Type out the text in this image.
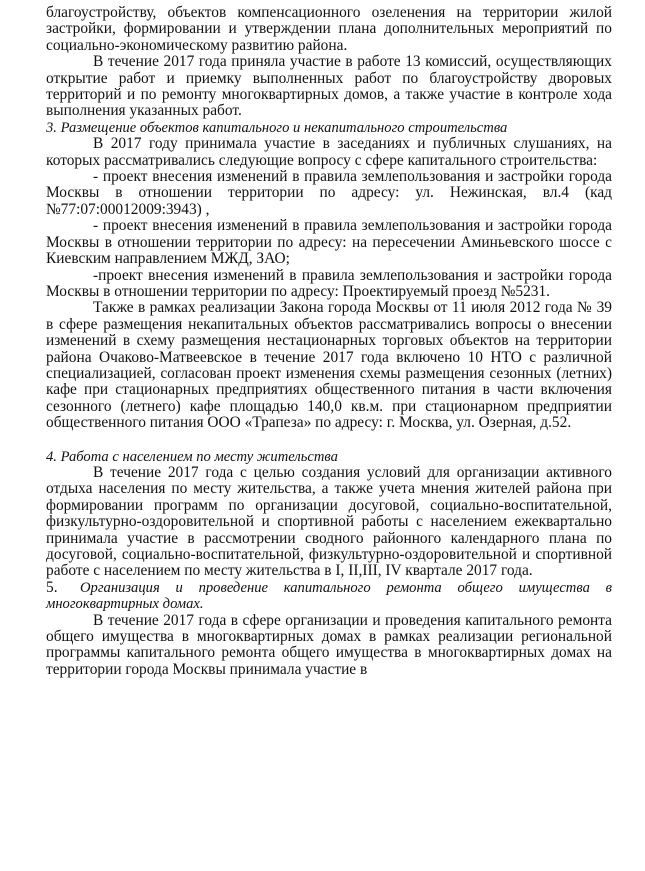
благоустройству, объектов компенсационного озеленения на территории жилой застройки, формировании и утверждении плана дополнительных мероприятий по социально-экономическому развитию района.

В течение 2017 года приняла участие в работе 13 комиссий, осуществляющих открытие работ и приемку выполненных работ по благоустройству дворовых территорий и по ремонту многоквартирных домов, а также участие в контроле хода выполнения указанных работ.

3. Размещение объектов капитального и некапитального строительства

В 2017 году принимала участие в заседаниях и публичных слушаниях, на которых рассматривались следующие вопросу с сфере капитального строительства:

- проект внесения изменений в правила землепользования и застройки города Москвы в отношении территории по адресу: ул. Нежинская, вл.4 (кад №77:07:00012009:3943) ,

- проект внесения изменений в правила землепользования и застройки города Москвы в отношении территории по адресу: на пересечении Аминьевского шоссе с Киевским направлением МЖД, ЗАО;

-проект внесения изменений в правила землепользования и застройки города Москвы в отношении территории по адресу: Проектируемый проезд №5231.

Также в рамках реализации Закона города Москвы от 11 июля 2012 года № 39 в сфере размещения некапитальных объектов рассматривались вопросы о внесении изменений в схему размещения нестационарных торговых объектов на территории района Очаково-Матвеевское в течение 2017 года включено 10 НТО с различной специализацией, согласован проект изменения схемы размещения сезонных (летних) кафе при стационарных предприятиях общественного питания в части включения сезонного (летнего) кафе площадью 140,0 кв.м. при стационарном предприятии общественного питания ООО «Трапеза» по адресу: г. Москва, ул. Озерная, д.52.

4. Работа с населением по месту жительства

В течение 2017 года с целью создания условий для организации активного отдыха населения по месту жительства, а также учета мнения жителей района при формировании программ по организации досуговой, социально-воспитательной, физкультурно-оздоровительной и спортивной работы с населением ежеквартально принимала участие в рассмотрении сводного районного календарного плана по досуговой, социально-воспитательной, физкультурно-оздоровительной и спортивной работе с населением по месту жительства в I, II,III, IV квартале 2017 года.

5. Организация и проведение капитального ремонта общего имущества в многоквартирных домах.

В течение 2017 года в сфере организации и проведения капитального ремонта общего имущества в многоквартирных домах в рамках реализации региональной программы капитального ремонта общего имущества в многоквартирных домах на территории города Москвы принимала участие в
